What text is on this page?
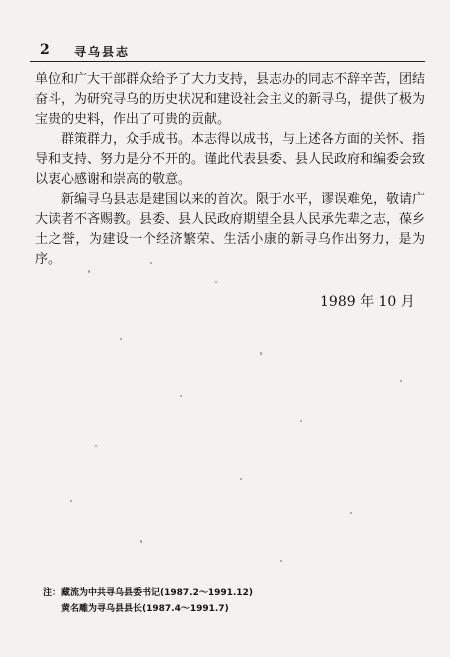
2 寻乌县志

单位和广大干部群众给予了大力支持，县志办的同志不辞辛苦，团结奋斗，为研究寻乌的历史状况和建设社会主义的新寻乌，提供了极为宝贵的史料，作出了可贵的贡献。

群策群力，众手成书。本志得以成书，与上述各方面的关怀、指导和支持、努力是分不开的。谨此代表县委、县人民政府和编委会致以衷心感谢和崇高的敬意。

新编寻乌县志是建国以来的首次。限于水平，谬误难免，敬请广大读者不吝赐教。县委、县人民政府期望全县人民承先辈之志，葆乡土之誉，为建设一个经济繁荣、生活小康的新寻乌作出努力，是为序。

1989 年 10 月
注：藏流为中共寻乌县委书记(1987.2～1991.12)
黄名雕为寻乌县县长(1987.4～1991.7)
